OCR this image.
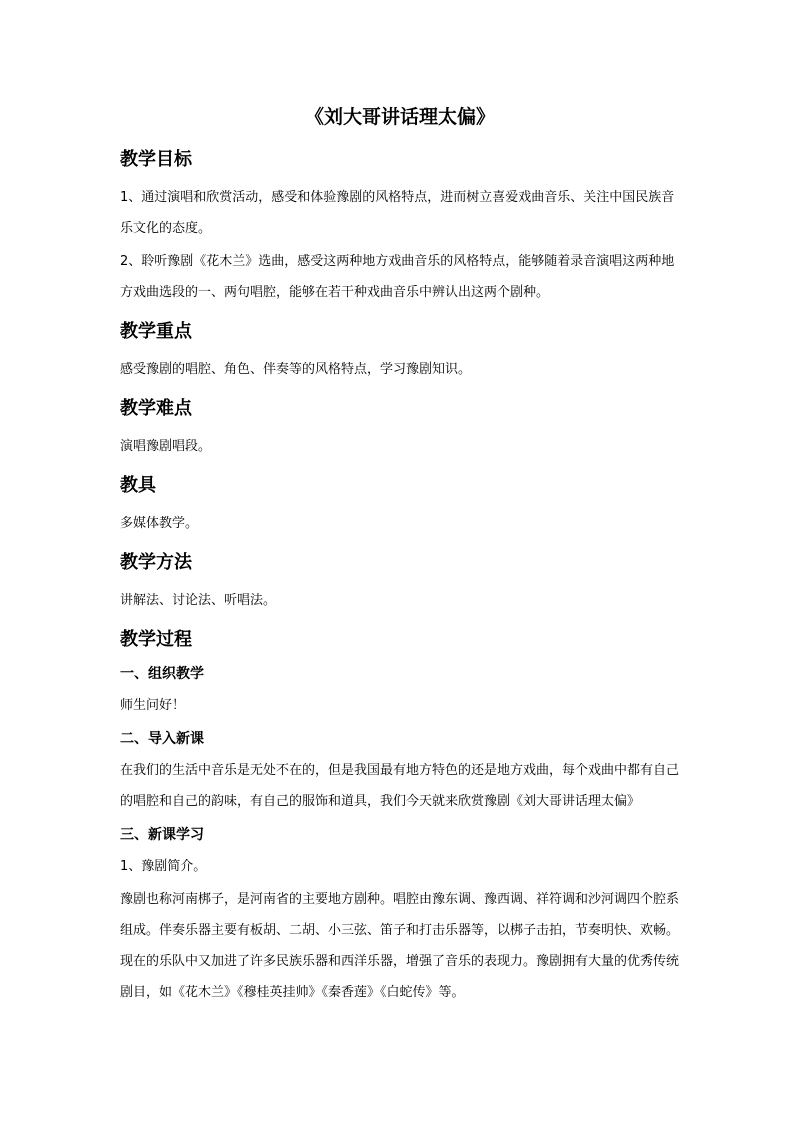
《刘大哥讲话理太偏》
教学目标
1、通过演唱和欣赏活动，感受和体验豫剧的风格特点，进而树立喜爱戏曲音乐、关注中国民族音乐文化的态度。
2、聆听豫剧《花木兰》选曲，感受这两种地方戏曲音乐的风格特点，能够随着录音演唱这两种地方戏曲选段的一、两句唱腔，能够在若干种戏曲音乐中辨认出这两个剧种。
教学重点
感受豫剧的唱腔、角色、伴奏等的风格特点，学习豫剧知识。
教学难点
演唱豫剧唱段。
教具
多媒体教学。
教学方法
讲解法、讨论法、听唱法。
教学过程
一、组织教学
师生问好！
二、导入新课
在我们的生活中音乐是无处不在的，但是我国最有地方特色的还是地方戏曲，每个戏曲中都有自己的唱腔和自己的韵味，有自己的服饰和道具，我们今天就来欣赏豫剧《刘大哥讲话理太偏》
三、新课学习
1、豫剧简介。
豫剧也称河南梆子，是河南省的主要地方剧种。唱腔由豫东调、豫西调、祥符调和沙河调四个腔系组成。伴奏乐器主要有板胡、二胡、小三弦、笛子和打击乐器等，以梆子击拍，节奏明快、欢畅。现在的乐队中又加进了许多民族乐器和西洋乐器，增强了音乐的表现力。豫剧拥有大量的优秀传统剧目，如《花木兰》《穆桂英挂帅》《秦香莲》《白蛇传》等。
